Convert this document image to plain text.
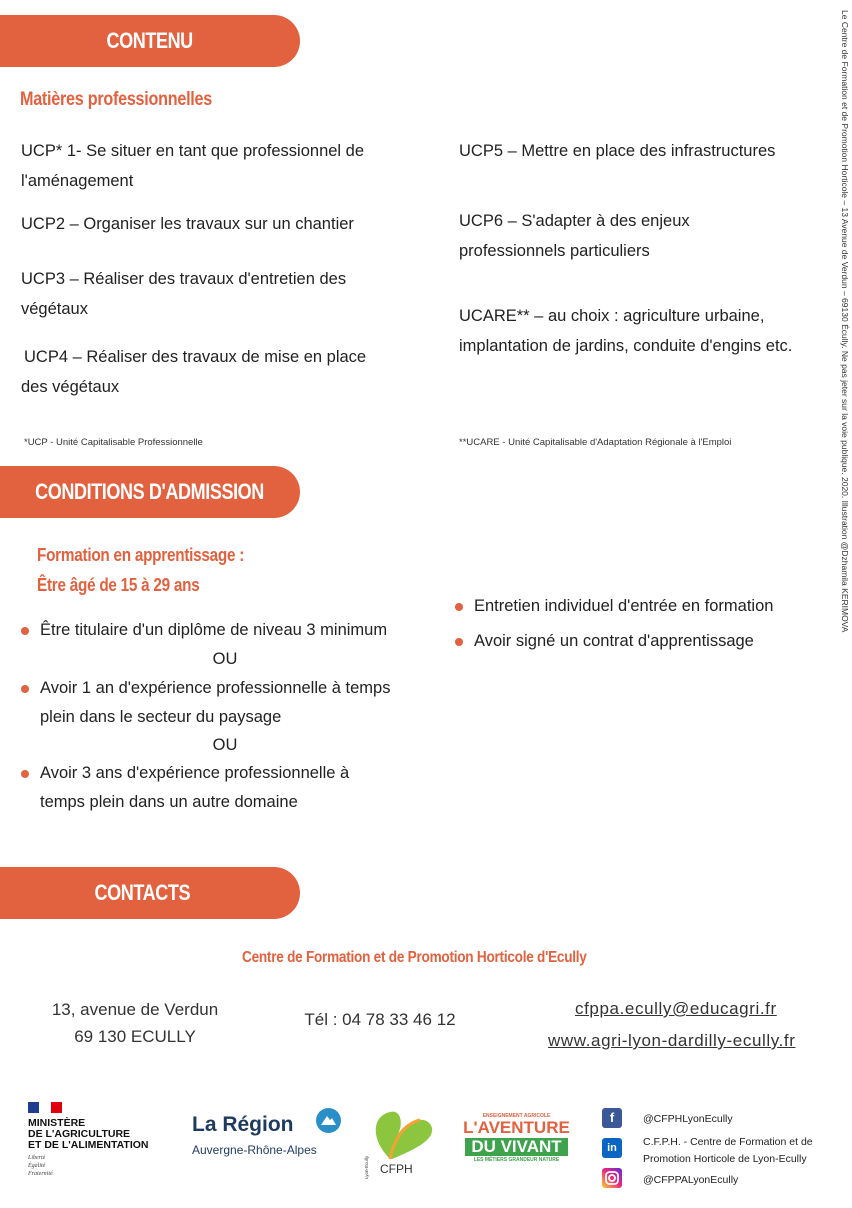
CONTENU
Matières professionnelles
UCP* 1- Se situer en tant que professionnel de l'aménagement
UCP2 – Organiser les travaux sur un chantier
UCP3 – Réaliser des travaux d'entretien des végétaux
UCP4 – Réaliser des travaux de mise en place des végétaux
UCP5 – Mettre en place des infrastructures
UCP6 – S'adapter à des enjeux professionnels particuliers
UCARE** – au choix : agriculture urbaine, implantation de jardins, conduite d'engins etc.
*UCP - Unité Capitalisable Professionnelle	**UCARE - Unité Capitalisable d'Adaptation Régionale à l'Emploi
CONDITIONS D'ADMISSION
Formation en apprentissage :
Être âgé de 15 à 29 ans
Être titulaire d'un diplôme de niveau 3 minimum
OU
Avoir 1 an d'expérience professionnelle à temps plein dans le secteur du paysage
OU
Avoir 3 ans d'expérience professionnelle à temps plein dans un autre domaine
Entretien individuel d'entrée en formation
Avoir signé un contrat d'apprentissage
CONTACTS
Centre de Formation et de Promotion Horticole d'Ecully
13, avenue de Verdun
69 130 ECULLY
Tél : 04 78 33 46 12
cfppa.ecully@educagri.fr
www.agri-lyon-dardilly-ecully.fr
MINISTÈRE
DE L'AGRICULTURE
ET DE L'ALIMENTATION
Liberté
Égalité
Fraternité
La Région
Auvergne-Rhône-Alpes
Lyon-Ecully CFPH
ENSEIGNEMENT AGRICOLE
L'AVENTURE
DU VIVANT
LES MÉTIERS GRANDEUR NATURE
f	@CFPHLyonEcully
in	C.F.P.H. - Centre de Formation et de
Promotion Horticole de Lyon-Ecully
@CFPPALyonEcully
Le Centre de Formation et de Promotion Horticole – 13 Avenue de Verdun – 69130 Écully. Ne pas jeter sur la voie publique. 2020. Illustration @Dzhamila KERIMOVA
